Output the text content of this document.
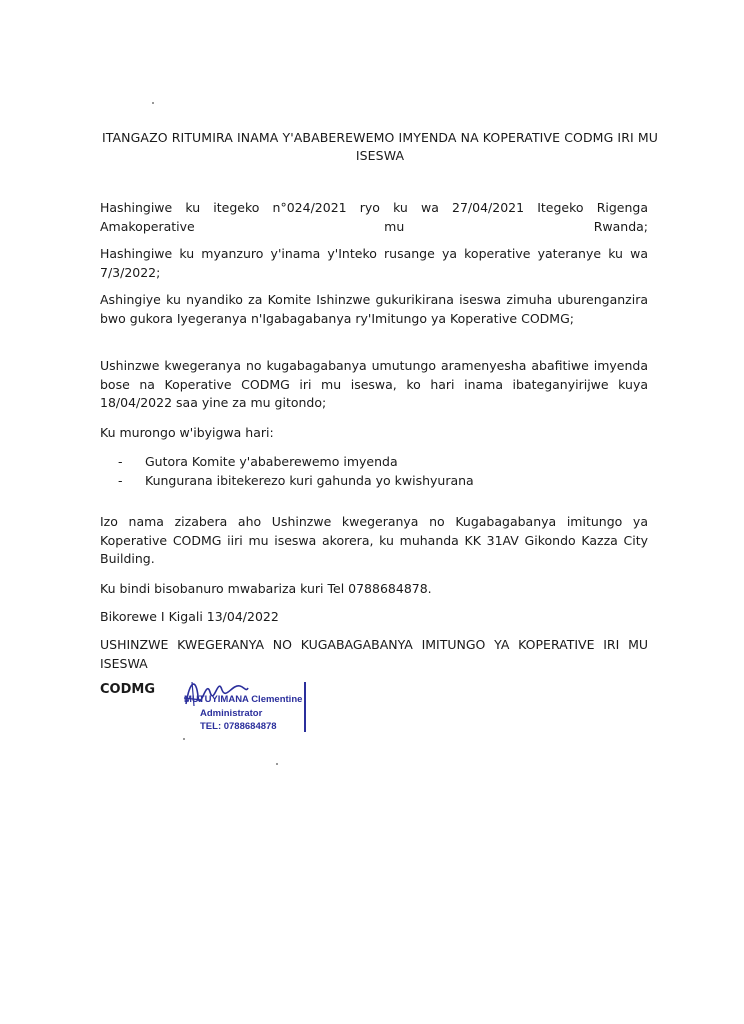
ITANGAZO RITUMIRA INAMA Y'ABABEREWEMO IMYENDA NA KOPERATIVE CODMG IRI MU ISESWA
Hashingiwe ku itegeko n°024/2021 ryo ku wa 27/04/2021 Itegeko Rigenga Amakoperative mu Rwanda;
Hashingiwe ku myanzuro y'inama y'Inteko rusange ya koperative yateranye ku wa 7/3/2022;
Ashingiye ku nyandiko za Komite Ishinzwe gukurikirana iseswa zimuha uburenganzira bwo gukora Iyegeranya n'Igabagabanya ry'Imitungo ya Koperative CODMG;
Ushinzwe kwegeranya no kugabagabanya umutungo aramenyesha abafitiwe imyenda bose na Koperative CODMG iri mu iseswa, ko hari inama ibateganyirijwe kuya 18/04/2022 saa yine za mu gitondo;
Ku murongo w'ibyigwa hari:
-	Gutora Komite y'ababerewemo imyenda
-	Kungurana ibitekerezo kuri gahunda yo kwishyurana
Izo nama zizabera aho Ushinzwe kwegeranya no Kugabagabanya imitungo ya Koperative CODMG iiri mu iseswa akorera, ku muhanda KK 31AV Gikondo Kazza City Building.
Ku bindi bisobanuro mwabariza kuri Tel 0788684878.
Bikorewe I Kigali 13/04/2022
USHINZWE KWEGERANYA NO KUGABAGABANYA IMITUNGO YA KOPERATIVE IRI MU ISESWA
CODMG
MUTUYIMANA Clementine
Administrator
TEL: 0788684878
